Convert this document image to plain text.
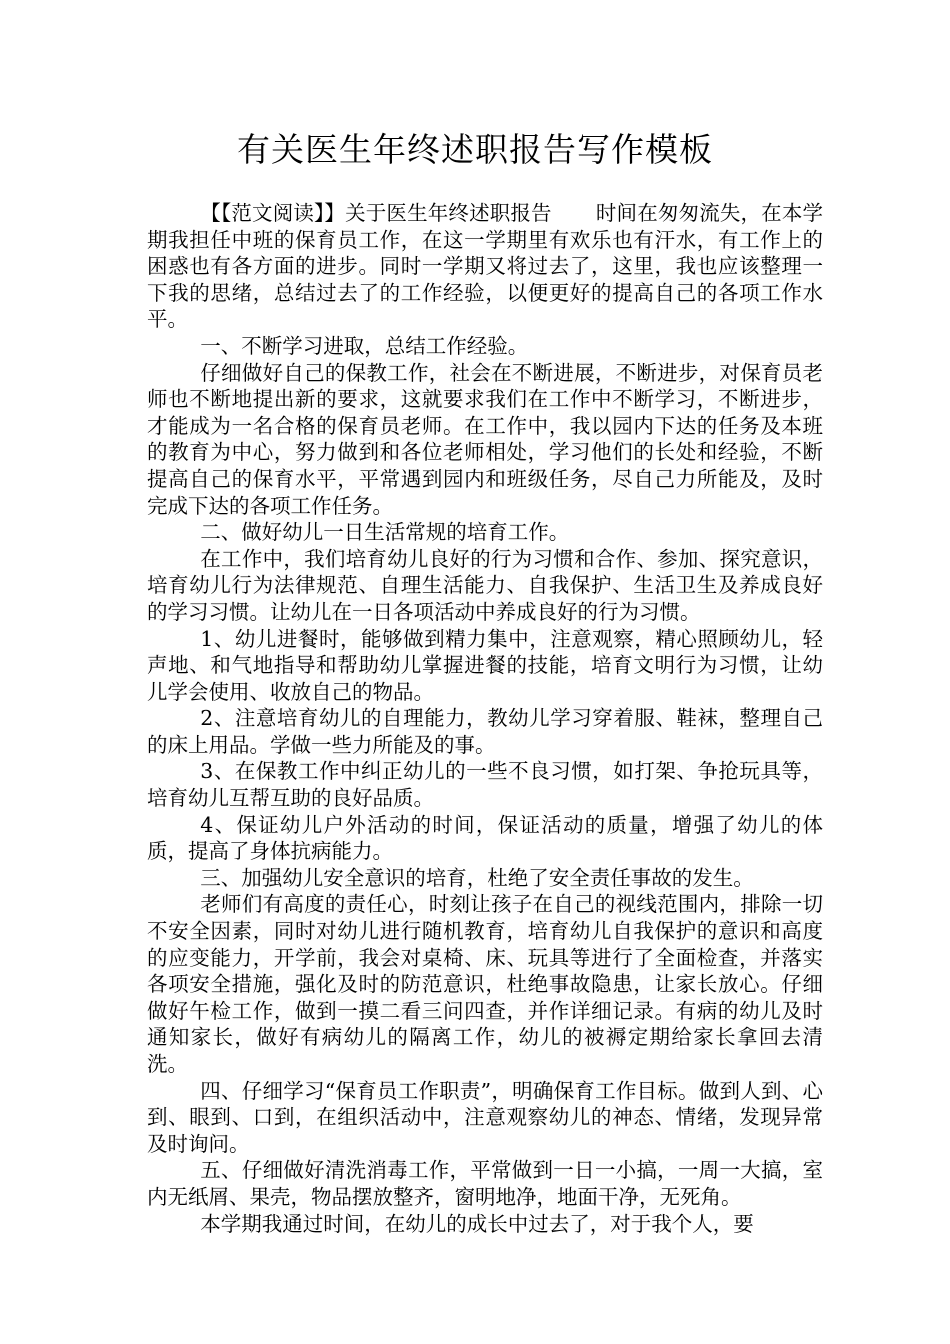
有关医生年终述职报告写作模板

【【范文阅读】】关于医生年终述职报告 时间在匆匆流失，在本学期我担任中班的保育员工作，在这一学期里有欢乐也有汗水，有工作上的困惑也有各方面的进步。同时一学期又将过去了，这里，我也应该整理一下我的思绪，总结过去了的工作经验，以便更好的提高自己的各项工作水平。

一、不断学习进取，总结工作经验。

仔细做好自己的保教工作，社会在不断进展，不断进步，对保育员老师也不断地提出新的要求，这就要求我们在工作中不断学习，不断进步，才能成为一名合格的保育员老师。在工作中，我以园内下达的任务及本班的教育为中心，努力做到和各位老师相处，学习他们的长处和经验，不断提高自己的保育水平，平常遇到园内和班级任务，尽自己力所能及，及时完成下达的各项工作任务。

二、做好幼儿一日生活常规的培育工作。

在工作中，我们培育幼儿良好的行为习惯和合作、参加、探究意识，培育幼儿行为法律规范、自理生活能力、自我保护、生活卫生及养成良好的学习习惯。让幼儿在一日各项活动中养成良好的行为习惯。

1、幼儿进餐时，能够做到精力集中，注意观察，精心照顾幼儿，轻声地、和气地指导和帮助幼儿掌握进餐的技能，培育文明行为习惯，让幼儿学会使用、收放自己的物品。

2、注意培育幼儿的自理能力，教幼儿学习穿着服、鞋袜，整理自己的床上用品。学做一些力所能及的事。

3、在保教工作中纠正幼儿的一些不良习惯，如打架、争抢玩具等，培育幼儿互帮互助的良好品质。

4、保证幼儿户外活动的时间，保证活动的质量，增强了幼儿的体质，提高了身体抗病能力。

三、加强幼儿安全意识的培育，杜绝了安全责任事故的发生。

老师们有高度的责任心，时刻让孩子在自己的视线范围内，排除一切不安全因素，同时对幼儿进行随机教育，培育幼儿自我保护的意识和高度的应变能力，开学前，我会对桌椅、床、玩具等进行了全面检查，并落实各项安全措施，强化及时的防范意识，杜绝事故隐患，让家长放心。仔细做好午检工作，做到一摸二看三问四查，并作详细记录。有病的幼儿及时通知家长，做好有病幼儿的隔离工作，幼儿的被褥定期给家长拿回去清洗。

四、仔细学习“保育员工作职责”，明确保育工作目标。做到人到、心到、眼到、口到，在组织活动中，注意观察幼儿的神态、情绪，发现异常及时询问。

五、仔细做好清洗消毒工作，平常做到一日一小搞，一周一大搞，室内无纸屑、果壳，物品摆放整齐，窗明地净，地面干净，无死角。

本学期我通过时间，在幼儿的成长中过去了，对于我个人，要
